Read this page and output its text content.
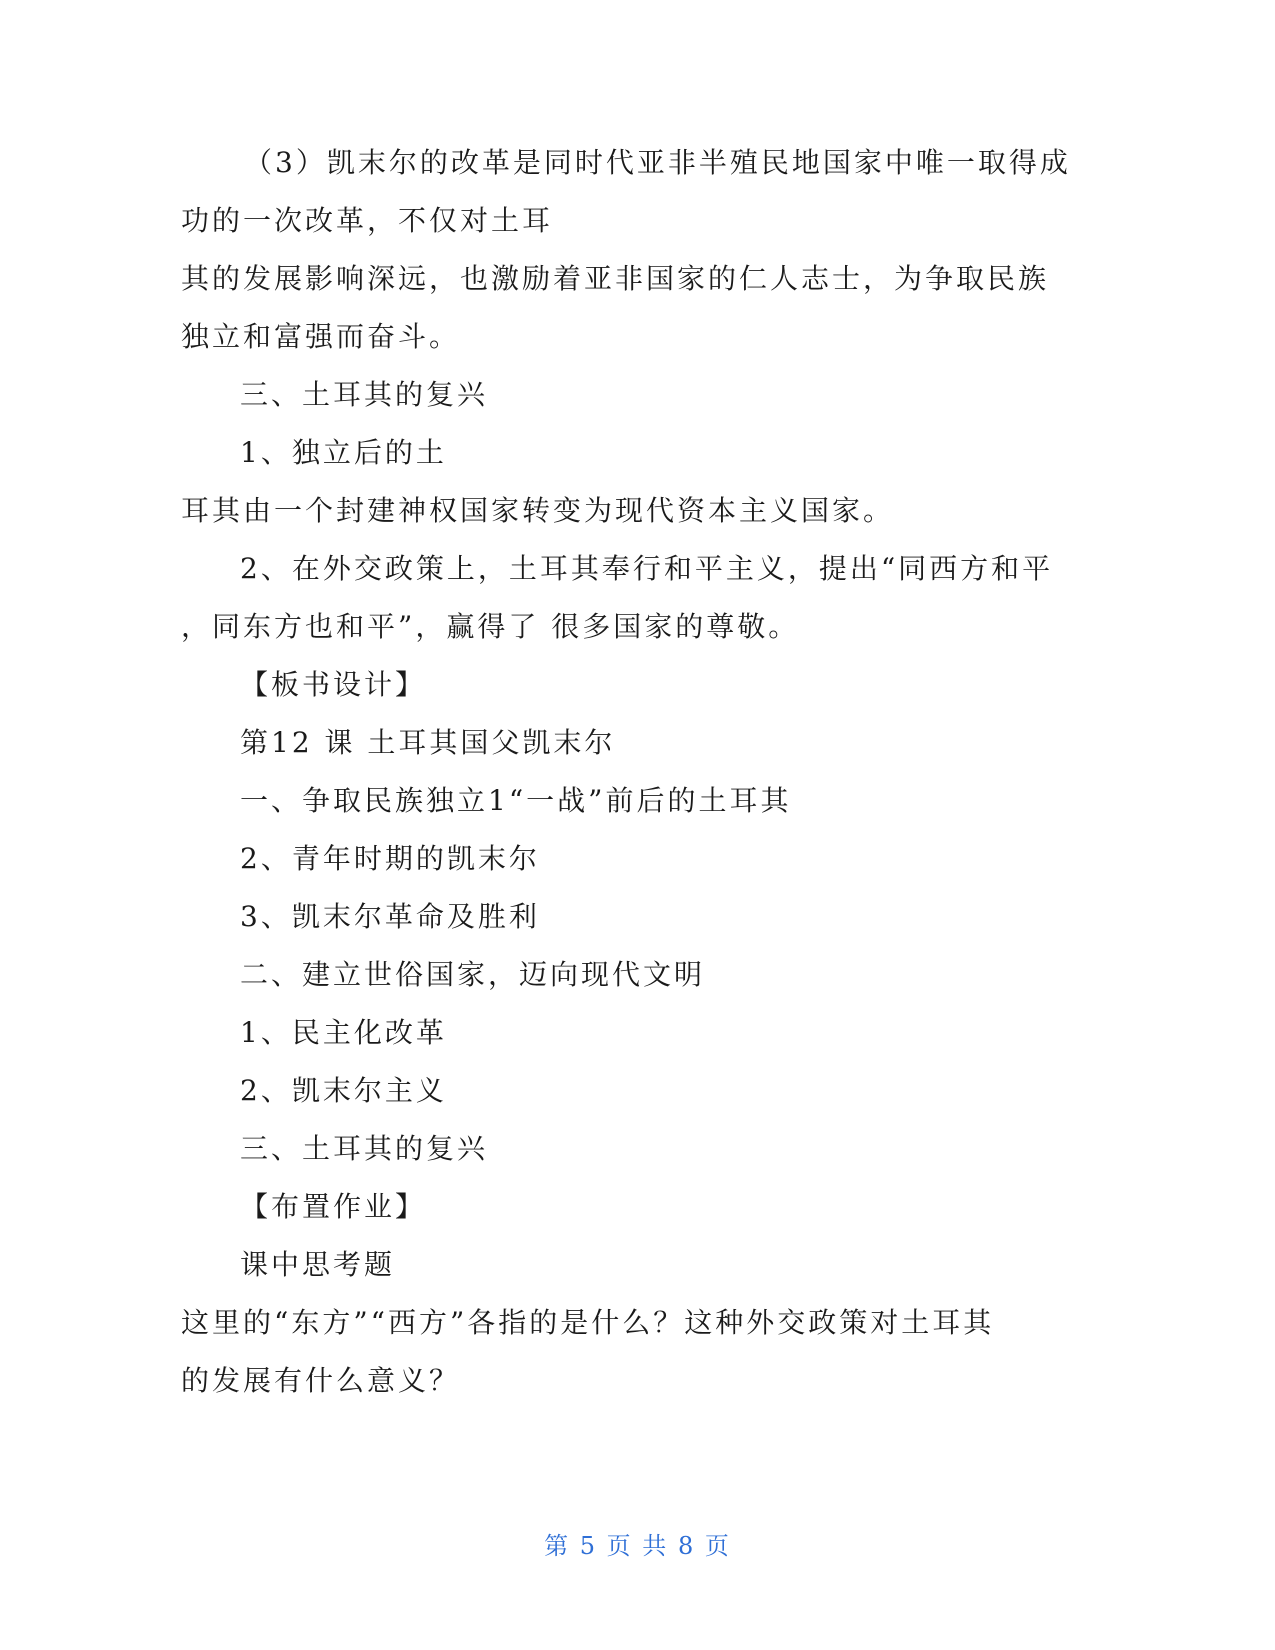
（3）凯末尔的改革是同时代亚非半殖民地国家中唯一取得成
功的一次改革，不仅对土耳
其的发展影响深远，也激励着亚非国家的仁人志士，为争取民族
独立和富强而奋斗。
三、土耳其的复兴
1、独立后的土
耳其由一个封建神权国家转变为现代资本主义国家。
2、在外交政策上，土耳其奉行和平主义，提出“同西方和平
，同东方也和平”，赢得了 很多国家的尊敬。
【板书设计】
第12 课 土耳其国父凯末尔
一、争取民族独立1“一战”前后的土耳其
2、青年时期的凯末尔
3、凯末尔革命及胜利
二、建立世俗国家，迈向现代文明
1、民主化改革
2、凯末尔主义
三、土耳其的复兴
【布置作业】
课中思考题
这里的“东方”“西方”各指的是什么？这种外交政策对土耳其
的发展有什么意义？
第 5 页 共 8 页
